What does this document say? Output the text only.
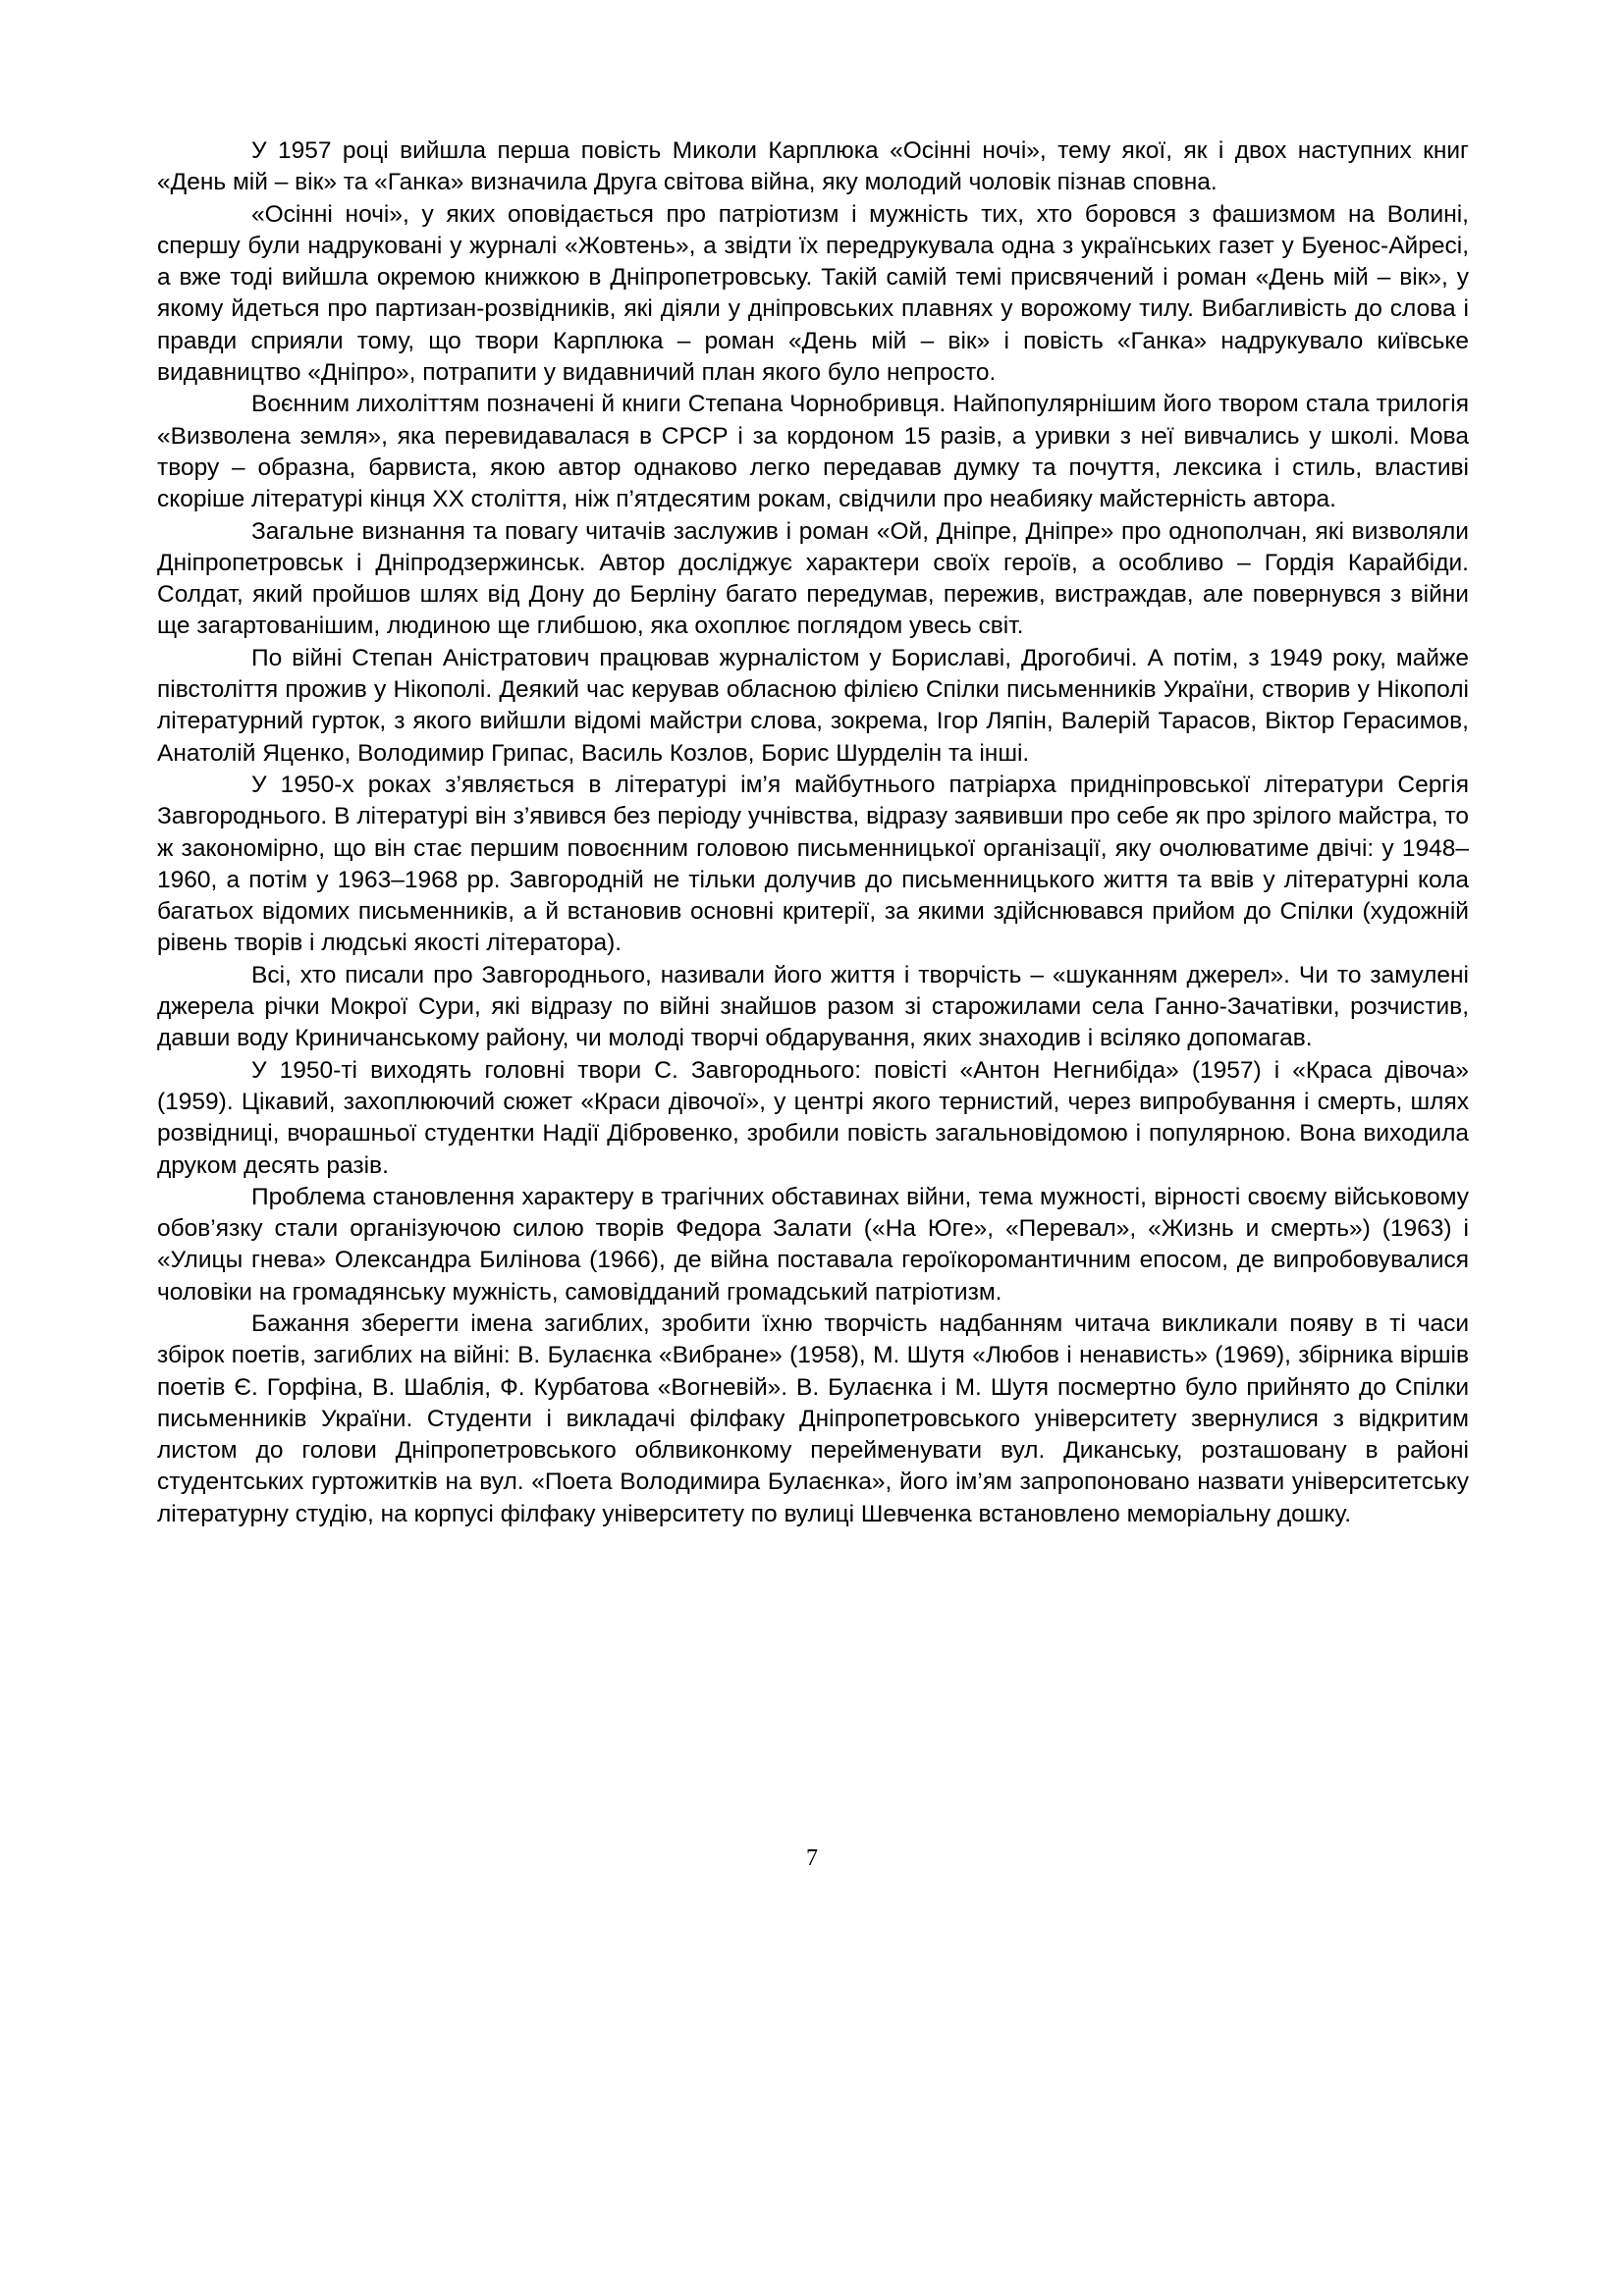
У 1957 році вийшла перша повість Миколи Карплюка «Осінні ночі», тему якої, як і двох наступних книг «День мій – вік» та «Ганка» визначила Друга світова війна, яку молодий чоловік пізнав сповна.

«Осінні ночі», у яких оповідається про патріотизм і мужність тих, хто боровся з фашизмом на Волині, спершу були надруковані у журналі «Жовтень», а звідти їх передрукувала одна з українських газет у Буенос-Айресі, а вже тоді вийшла окремою книжкою в Дніпропетровську. Такій самій темі присвячений і роман «День мій – вік», у якому йдеться про партизан-розвідників, які діяли у дніпровських плавнях у ворожому тилу. Вибагливість до слова і правди сприяли тому, що твори Карплюка – роман «День мій – вік» і повість «Ганка» надрукувало київське видавництво «Дніпро», потрапити у видавничий план якого було непросто.

Воєнним лихоліттям позначені й книги Степана Чорнобривця. Найпопулярнішим його твором стала трилогія «Визволена земля», яка перевидавалася в СРСР і за кордоном 15 разів, а уривки з неї вивчались у школі. Мова твору – образна, барвиста, якою автор однаково легко передавав думку та почуття, лексика і стиль, властиві скоріше літературі кінця ХХ століття, ніж п’ятдесятим рокам, свідчили про неабияку майстерність автора.

Загальне визнання та повагу читачів заслужив і роман «Ой, Дніпре, Дніпре» про однополчан, які визволяли Дніпропетровськ і Дніпродзержинськ. Автор досліджує характери своїх героїв, а особливо – Гордія Карайбіди. Солдат, який пройшов шлях від Дону до Берліну багато передумав, пережив, вистраждав, але повернувся з війни ще загартованішим, людиною ще глибшою, яка охоплює поглядом увесь світ.

По війні Степан Аністратович працював журналістом у Бориславі, Дрогобичі. А потім, з 1949 року, майже півстоліття прожив у Нікополі. Деякий час керував обласною філією Спілки письменників України, створив у Нікополі літературний гурток, з якого вийшли відомі майстри слова, зокрема, Ігор Ляпін, Валерій Тарасов, Віктор Герасимов, Анатолій Яценко, Володимир Грипас, Василь Козлов, Борис Шурделін та інші.

У 1950-х роках з’являється в літературі ім’я майбутнього патріарха придніпровської літератури Сергія Завгороднього. В літературі він з’явився без періоду учнівства, відразу заявивши про себе як про зрілого майстра, то ж закономірно, що він стає першим повоєнним головою письменницької організації, яку очолюватиме двічі: у 1948–1960, а потім у 1963–1968 рр. Завгородній не тільки долучив до письменницького життя та ввів у літературні кола багатьох відомих письменників, а й встановив основні критерії, за якими здійснювався прийом до Спілки (художній рівень творів і людські якості літератора).

Всі, хто писали про Завгороднього, називали його життя і творчість – «шуканням джерел». Чи то замулені джерела річки Мокрої Сури, які відразу по війні знайшов разом зі старожилами села Ганно-Зачатівки, розчистив, давши воду Криничанському району, чи молоді творчі обдарування, яких знаходив і всіляко допомагав.

У 1950-ті виходять головні твори С. Завгороднього: повісті «Антон Негнибіда» (1957) і «Краса дівоча» (1959). Цікавий, захоплюючий сюжет «Краси дівочої», у центрі якого тернистий, через випробування і смерть, шлях розвідниці, вчорашньої студентки Надії Дібровенко, зробили повість загальновідомою і популярною. Вона виходила друком десять разів.

Проблема становлення характеру в трагічних обставинах війни, тема мужності, вірності своєму військовому обов’язку стали організуючою силою творів Федора Залати («На Юге», «Перевал», «Жизнь и смерть») (1963) і «Улицы гнева» Олександра Билінова (1966), де війна поставала героїкоромантичним епосом, де випробовувалися чоловіки на громадянську мужність, самовідданий громадський патріотизм.

Бажання зберегти імена загиблих, зробити їхню творчість надбанням читача викликали появу в ті часи збірок поетів, загиблих на війні: В. Булаєнка «Вибране» (1958), М. Шутя «Любов і ненависть» (1969), збірника віршів поетів Є. Горфіна, В. Шаблія, Ф. Курбатова «Вогневій». В. Булаєнка і М. Шутя посмертно було прийнято до Спілки письменників України. Студенти і викладачі філфаку Дніпропетровського університету звернулися з відкритим листом до голови Дніпропетровського облвиконкому перейменувати вул. Диканську, розташовану в районі студентських гуртожитків на вул. «Поета Володимира Булаєнка», його ім’ям запропоновано назвати університетську літературну студію, на корпусі філфаку університету по вулиці Шевченка встановлено меморіальну дошку.

7
